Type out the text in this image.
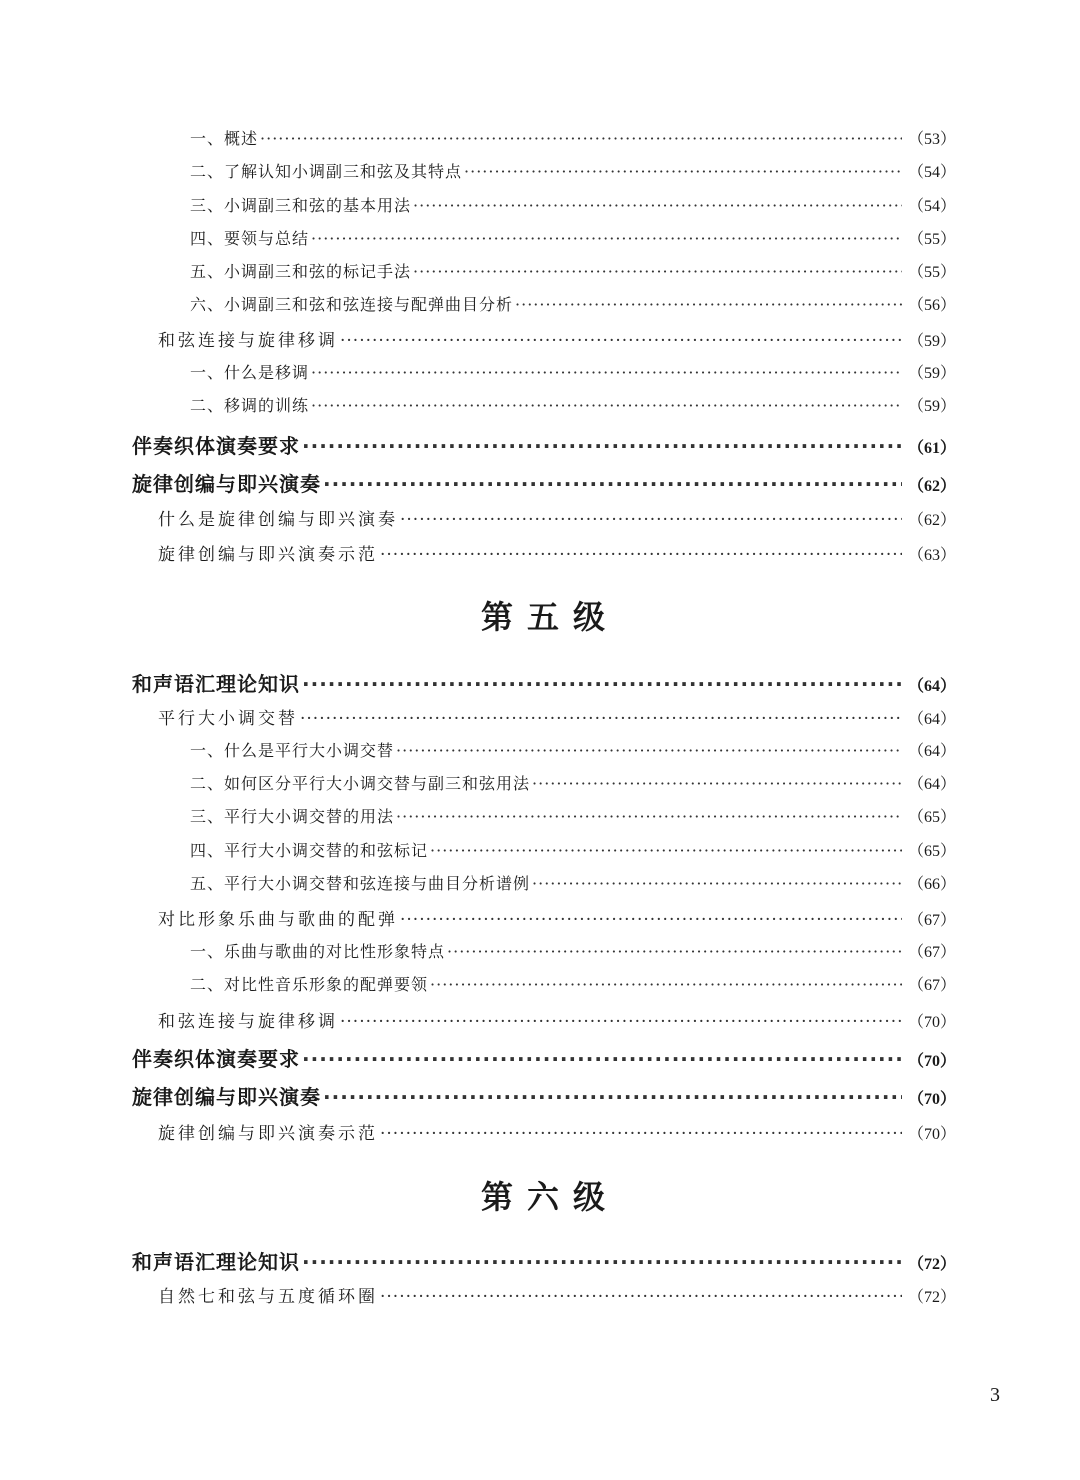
一、概述 ·····	（53）
二、了解认知小调副三和弦及其特点 ·····	（54）
三、小调副三和弦的基本用法 ·····	（54）
四、要领与总结 ·····	（55）
五、小调副三和弦的标记手法 ·····	（55）
六、小调副三和弦和弦连接与配弹曲目分析 ·····	（56）
和弦连接与旋律移调 ·····	（59）
一、什么是移调 ·····	（59）
二、移调的训练 ·····	（59）
伴奏织体演奏要求 ·····	（61）
旋律创编与即兴演奏 ·····	（62）
什么是旋律创编与即兴演奏 ·····	（62）
旋律创编与即兴演奏示范 ·····	（63）
第五级
和声语汇理论知识 ·····	（64）
平行大小调交替 ·····	（64）
一、什么是平行大小调交替 ·····	（64）
二、如何区分平行大小调交替与副三和弦用法 ·····	（64）
三、平行大小调交替的用法 ·····	（65）
四、平行大小调交替的和弦标记 ·····	（65）
五、平行大小调交替和弦连接与曲目分析谱例 ·····	（66）
对比形象乐曲与歌曲的配弹 ·····	（67）
一、乐曲与歌曲的对比性形象特点 ·····	（67）
二、对比性音乐形象的配弹要领 ·····	（67）
和弦连接与旋律移调 ·····	（70）
伴奏织体演奏要求 ·····	（70）
旋律创编与即兴演奏 ·····	（70）
旋律创编与即兴演奏示范 ·····	（70）
第六级
和声语汇理论知识 ·····	（72）
自然七和弦与五度循环圈 ·····	（72）
3
